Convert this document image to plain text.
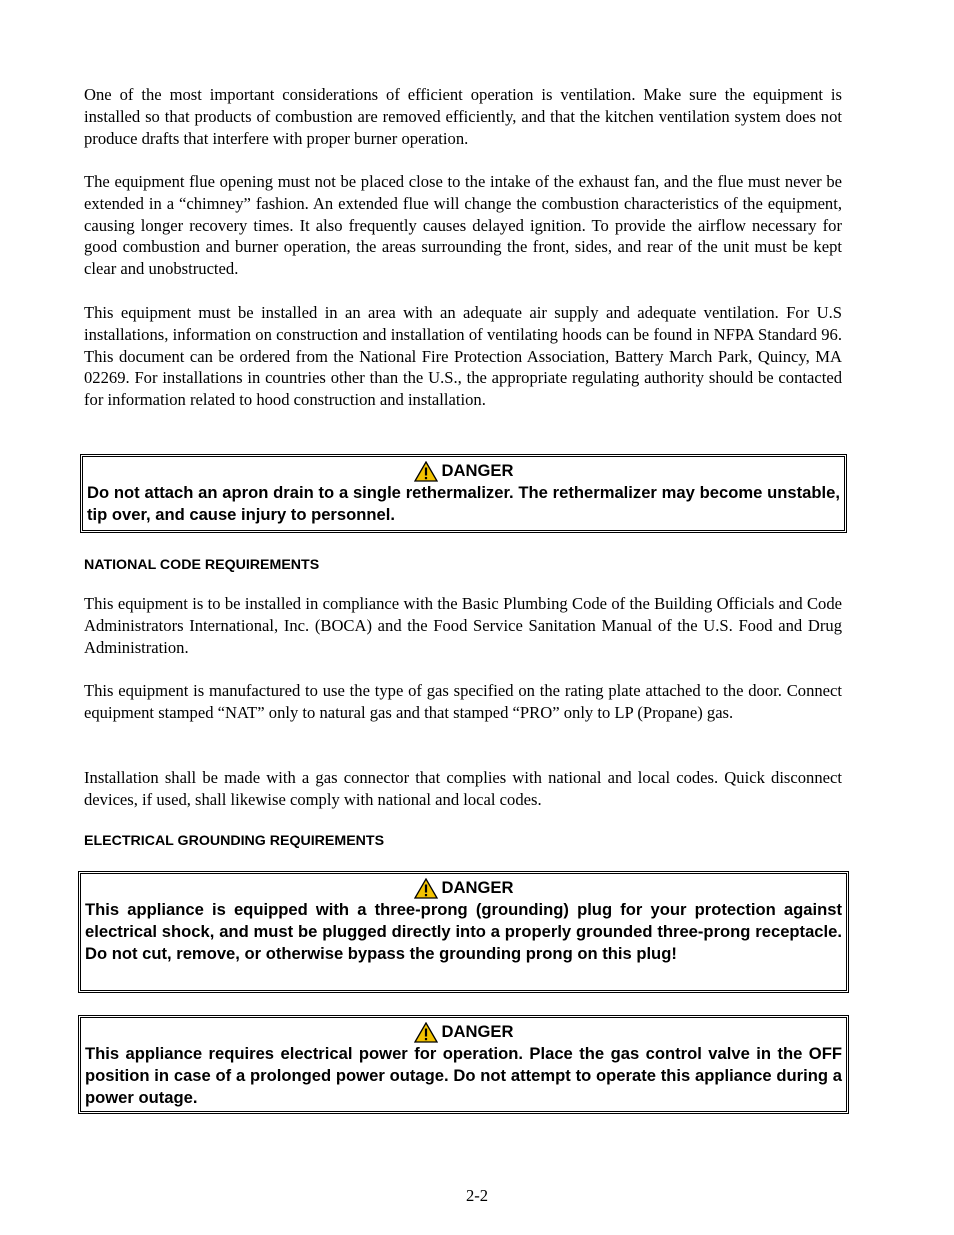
One of the most important considerations of efficient operation is ventilation. Make sure the equipment is installed so that products of combustion are removed efficiently, and that the kitchen ventilation system does not produce drafts that interfere with proper burner operation.

The equipment flue opening must not be placed close to the intake of the exhaust fan, and the flue must never be extended in a “chimney” fashion. An extended flue will change the combustion characteristics of the equipment, causing longer recovery times. It also frequently causes delayed ignition. To provide the airflow necessary for good combustion and burner operation, the areas surrounding the front, sides, and rear of the unit must be kept clear and unobstructed.

This equipment must be installed in an area with an adequate air supply and adequate ventilation. For U.S installations, information on construction and installation of ventilating hoods can be found in NFPA Standard 96. This document can be ordered from the National Fire Protection Association, Battery March Park, Quincy, MA 02269. For installations in countries other than the U.S., the appropriate regulating authority should be contacted for information related to hood construction and installation.

DANGER
Do not attach an apron drain to a single rethermalizer. The rethermalizer may become unstable, tip over, and cause injury to personnel.
NATIONAL CODE REQUIREMENTS

This equipment is to be installed in compliance with the Basic Plumbing Code of the Building Officials and Code Administrators International, Inc. (BOCA) and the Food Service Sanitation Manual of the U.S. Food and Drug Administration.

This equipment is manufactured to use the type of gas specified on the rating plate attached to the door. Connect equipment stamped “NAT” only to natural gas and that stamped “PRO” only to LP (Propane) gas.

Installation shall be made with a gas connector that complies with national and local codes. Quick disconnect devices, if used, shall likewise comply with national and local codes.

ELECTRICAL GROUNDING REQUIREMENTS
DANGER
This appliance is equipped with a three-prong (grounding) plug for your protection against electrical shock, and must be plugged directly into a properly grounded three-prong receptacle. Do not cut, remove, or otherwise bypass the grounding prong on this plug!
DANGER
This appliance requires electrical power for operation. Place the gas control valve in the OFF position in case of a prolonged power outage. Do not attempt to operate this appliance during a power outage.
2-2
